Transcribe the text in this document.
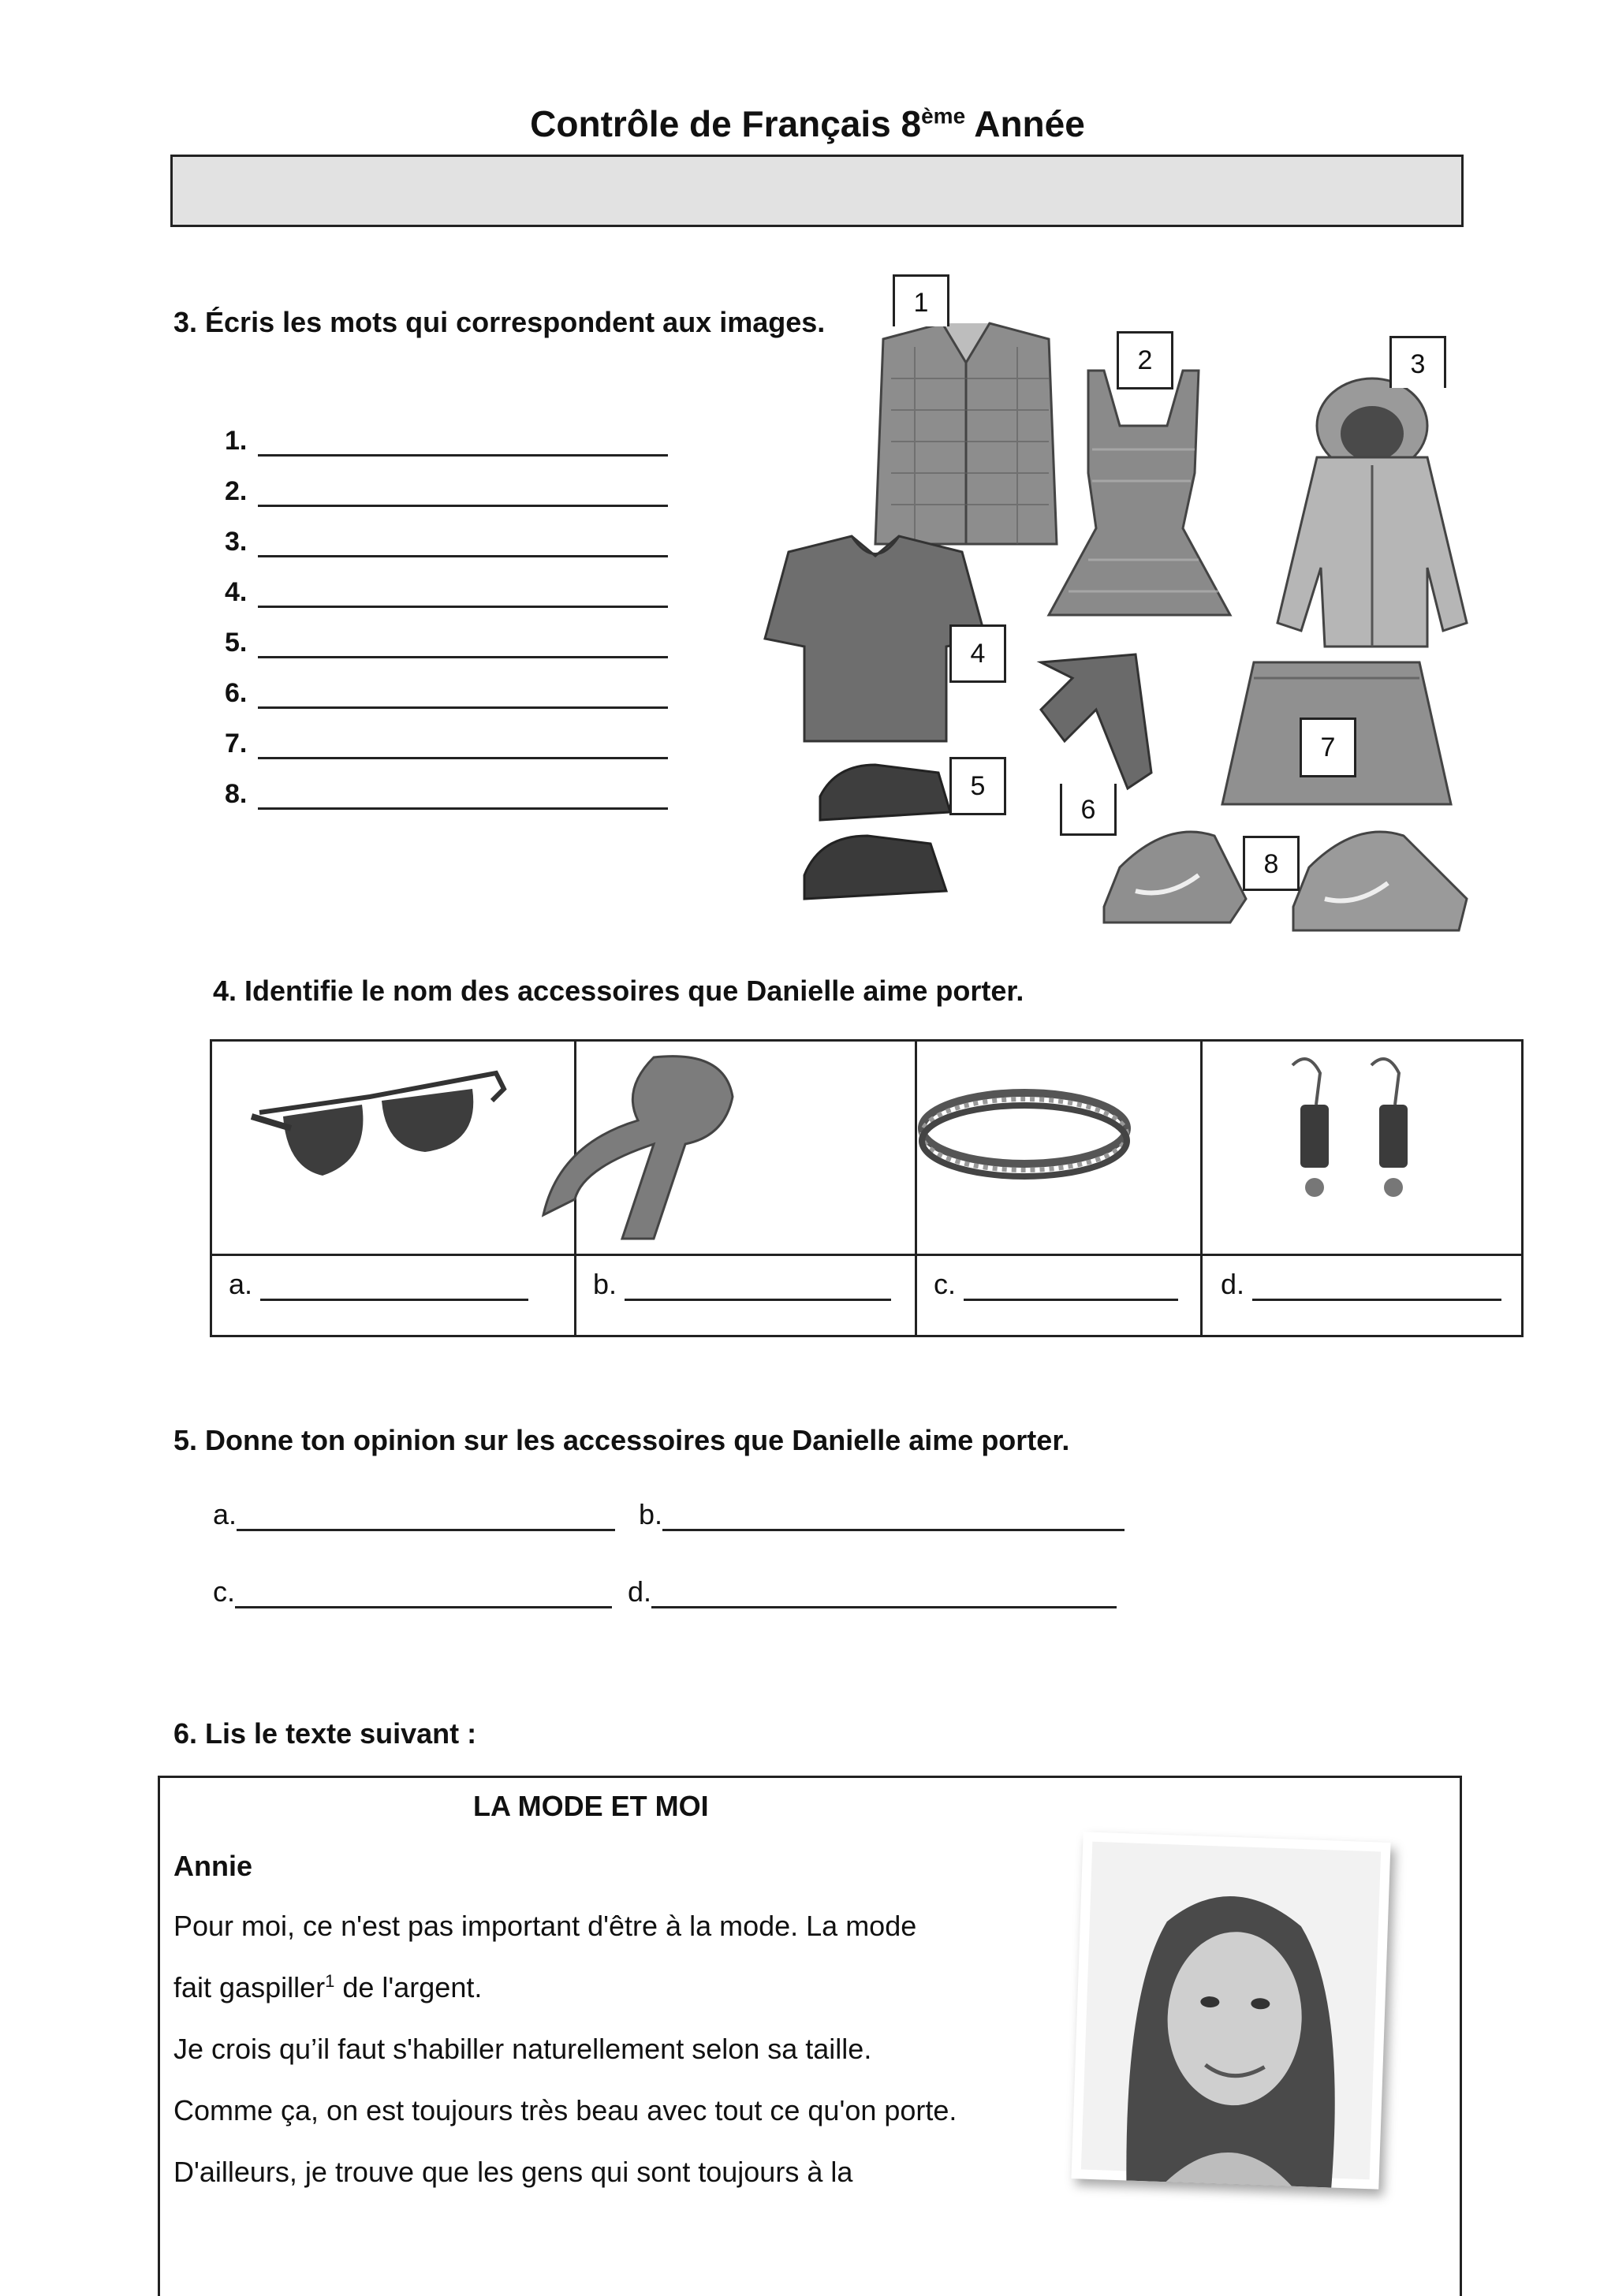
Contrôle de Français 8ème Année
3. Écris les mots qui correspondent aux images.
1.
2.
3.
4.
5.
6.
7.
8.
1
2	3
4
5
6
7
8
4. Identifie le nom des accessoires que Danielle aime porter.
a.	b.	c.	d.
5. Donne ton opinion sur les accessoires que Danielle aime porter.
a.	b.
c.	d.
6. Lis le texte suivant :
LA MODE ET MOI
Annie
Pour moi, ce n'est pas important d'être à la mode. La mode
fait gaspiller$^1$ de l'argent.
Je crois qu’il faut s'habiller naturellement selon sa taille.
Comme ça, on est toujours très beau avec tout ce qu'on porte.
D'ailleurs, je trouve que les gens qui sont toujours à la
